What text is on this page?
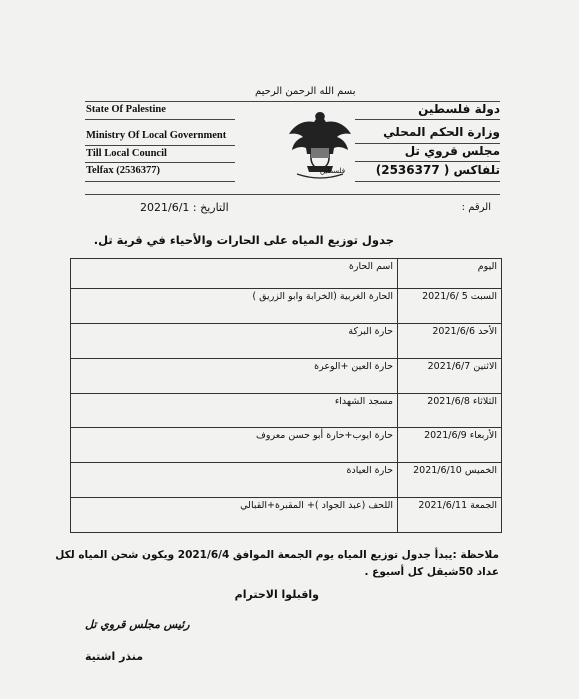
بسم الله الرحمن الرحيم
State Of Palestine
Ministry Of Local Government
Till Local Council
Telfax (2536377)
دولة فلسطين
وزارة الحكم المحلي
مجلس قروي تل
تلفاكس ( 2536377)
فلسطين
الرقم :
التاريخ : 2021/6/1
جدول توزيع المياه على الحارات والأحياء في قرية تل.
اليوم	اسم الحارة
السبت 5 /2021/6	الحارة الغربية (الخرابة وابو الزريق )
الأحد 2021/6/6	حارة البركة
الاثنين 2021/6/7	حارة العين +الوعرة
الثلاثاء 2021/6/8	مسجد الشهداء
الأربعاء 2021/6/9	حارة ايوب+حارة أبو حسن معروف
الخميس 2021/6/10	حارة العيادة
الجمعة 2021/6/11	اللحف (عبد الجواد )+ المقبرة+القبالي
ملاحظة :يبدأ جدول توزيع المياه يوم الجمعة الموافق 2021/6/4 ويكون شحن المياه لكل
عداد 50شيقل كل أسبوع .
واقبلوا الاحترام
رئيس مجلس قروي تل
منذر اشتية
